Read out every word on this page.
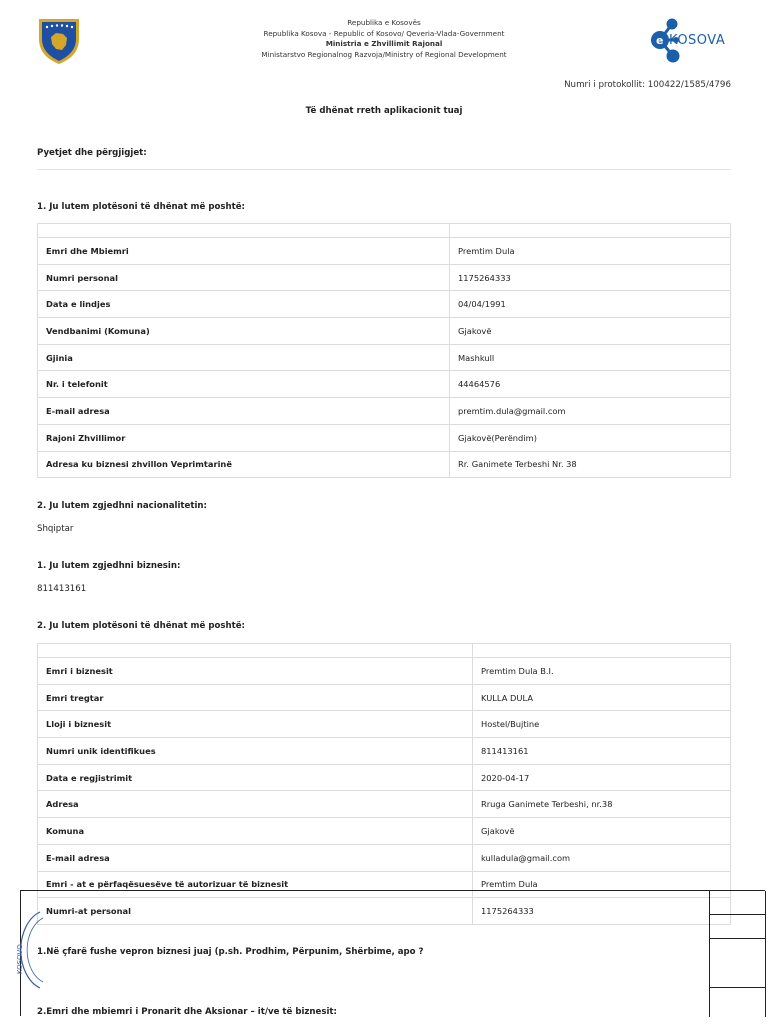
Republika e Kosovës
Republika Kosova - Republic of Kosovo/ Qeveria-Vlada-Government
Ministria e Zhvillimit Rajonal
Ministarstvo Regionalnog Razvoja/Ministry of Regional Development
e KOSOVA
Numri i protokollit: 100422/1585/4796
Të dhënat rreth aplikacionit tuaj
Pyetjet dhe përgjigjet:
1. Ju lutem plotësoni të dhënat më poshtë:

Emri dhe Mbiemri	Premtim Dula
Numri personal	1175264333
Data e lindjes	04/04/1991
Vendbanimi (Komuna)	Gjakovë
Gjinia	Mashkull
Nr. i telefonit	44464576
E-mail adresa	premtim.dula@gmail.com
Rajoni Zhvillimor	Gjakovë(Perëndim)
Adresa ku biznesi zhvillon Veprimtarinë	Rr. Ganimete Terbeshi Nr. 38
2. Ju lutem zgjedhni nacionalitetin:
Shqiptar
1. Ju lutem zgjedhni biznesin:
811413161
2. Ju lutem plotësoni të dhënat më poshtë:

Emri i biznesit	Premtim Dula B.I.
Emri tregtar	KULLA DULA
Lloji i biznesit	Hostel/Bujtine
Numri unik identifikues	811413161
Data e regjistrimit	2020-04-17
Adresa	Rruga Ganimete Terbeshi, nr.38
Komuna	Gjakovë
E-mail adresa	kulladula@gmail.com
Emri - at e përfaqësuesëve të autorizuar të biznesit	Premtim Dula
Numri-at personal	1175264333
KOSOVO 1.Në çfarë fushe vepron biznesi juaj (p.sh. Prodhim, Përpunim, Shërbime, apo ?
2.Emri dhe mbiemri i Pronarit dhe Aksionar – it/ve të biznesit:
